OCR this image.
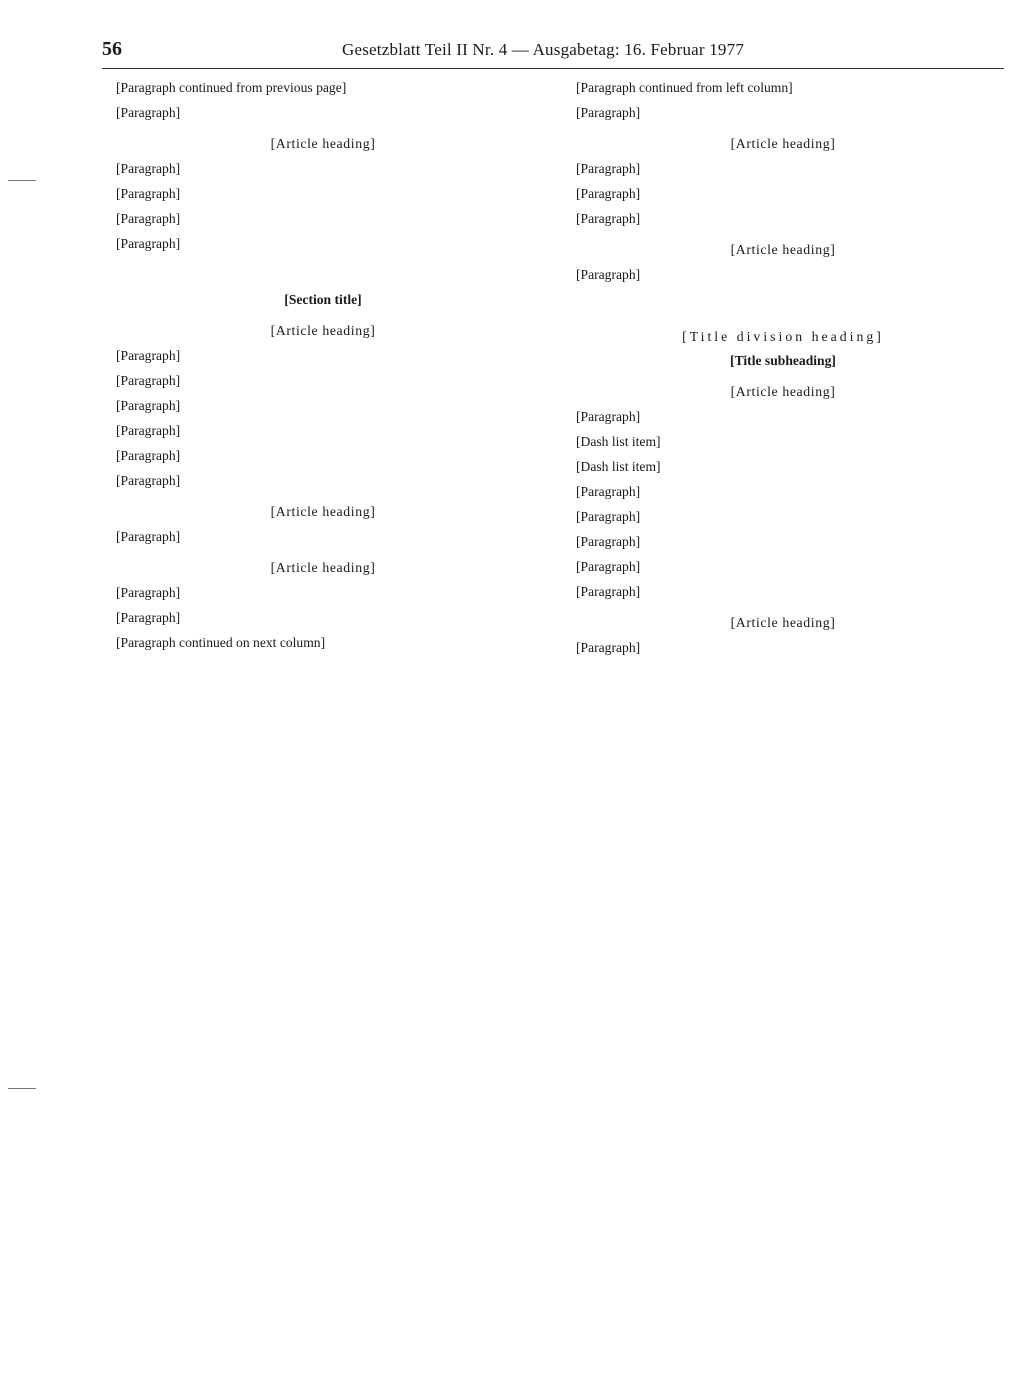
56	Gesetzblatt Teil II Nr. 4 — Ausgabetag: 16. Februar 1977

[Paragraph continued from previous page]

[Paragraph]

[Article heading]

[Paragraph]

[Paragraph]

[Paragraph]

[Paragraph]

[Section title]

[Article heading]

[Paragraph]

[Paragraph]

[Paragraph]

[Paragraph]

[Paragraph]

[Paragraph]

[Article heading]

[Paragraph]

[Article heading]

[Paragraph]

[Paragraph]

[Paragraph continued on next column]

[Paragraph continued from left column]

[Paragraph]

[Article heading]

[Paragraph]

[Paragraph]

[Paragraph]

[Article heading]

[Paragraph]

[Title division heading]

[Title subheading]

[Article heading]

[Paragraph]

[Dash list item]

[Dash list item]

[Paragraph]

[Paragraph]

[Paragraph]

[Paragraph]

[Paragraph]

[Article heading]

[Paragraph]
